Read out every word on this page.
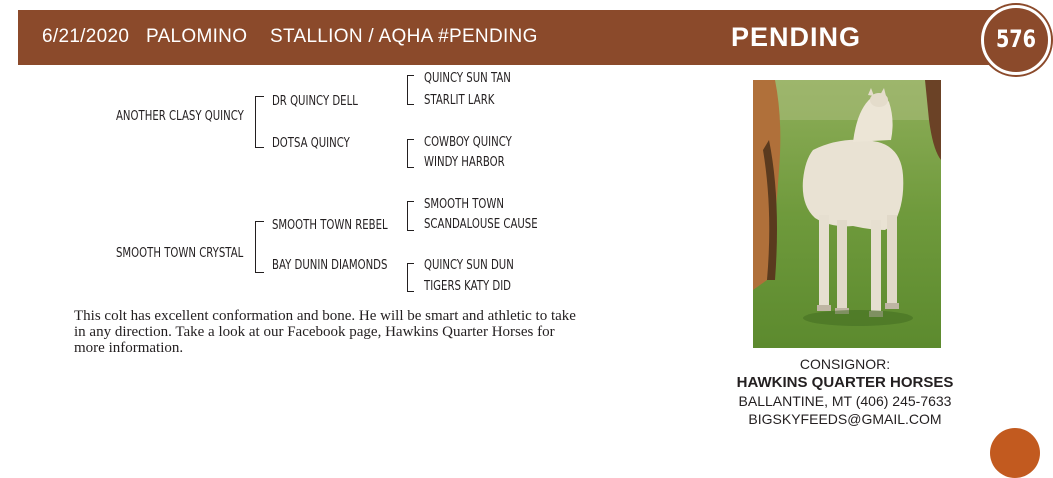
6/21/2020 PALOMINO STALLION / AQHA #PENDING	PENDING	576
ANOTHER CLASY QUINCY
DR QUINCY DELL
DOTSA QUINCY
QUINCY SUN TAN
STARLIT LARK
COWBOY QUINCY
WINDY HARBOR
SMOOTH TOWN CRYSTAL
SMOOTH TOWN REBEL
BAY DUNIN DIAMONDS
SMOOTH TOWN
SCANDALOUSE CAUSE
QUINCY SUN DUN
TIGERS KATY DID
This colt has excellent conformation and bone. He will be smart and athletic to take
in any direction. Take a look at our Facebook page, Hawkins Quarter Horses for
more information.
CONSIGNOR:
HAWKINS QUARTER HORSES
BALLANTINE, MT (406) 245-7633
BIGSKYFEEDS@GMAIL.COM
